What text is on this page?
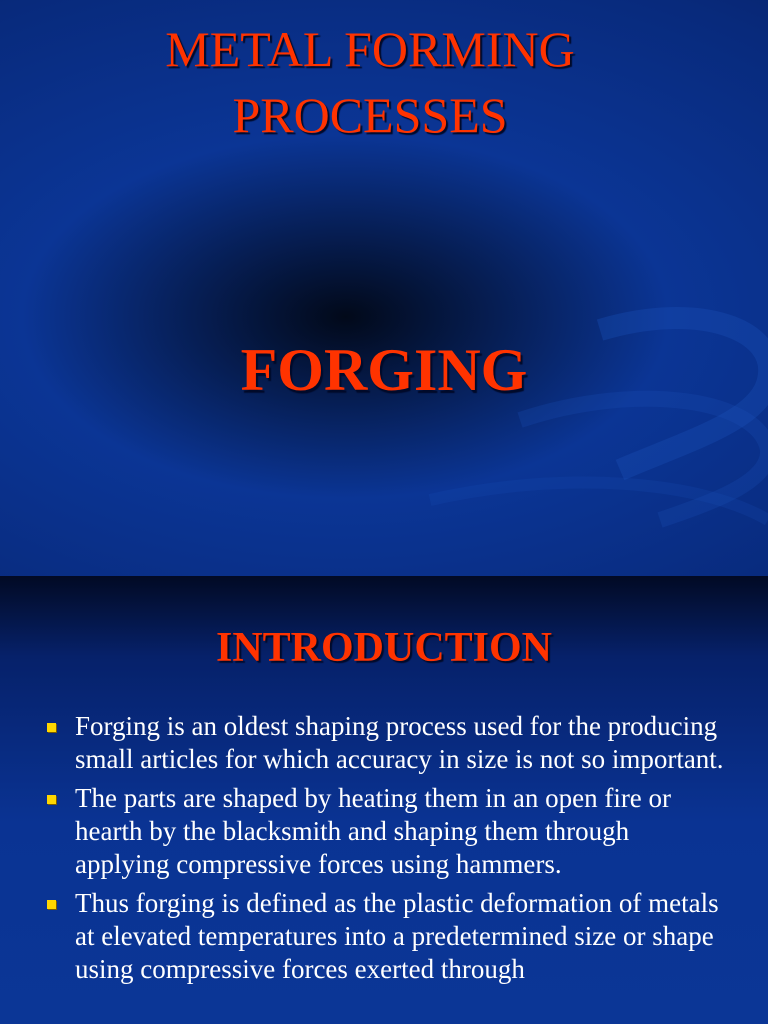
METAL FORMING
PROCESSES
FORGING
INTRODUCTION
Forging is an oldest shaping process used for the producing small articles for which accuracy in size is not so important.
The parts are shaped by heating them in an open fire or hearth by the blacksmith and shaping them through applying compressive forces using hammers.
Thus forging is defined as the plastic deformation of metals at elevated temperatures into a predetermined size or shape using compressive forces exerted through
